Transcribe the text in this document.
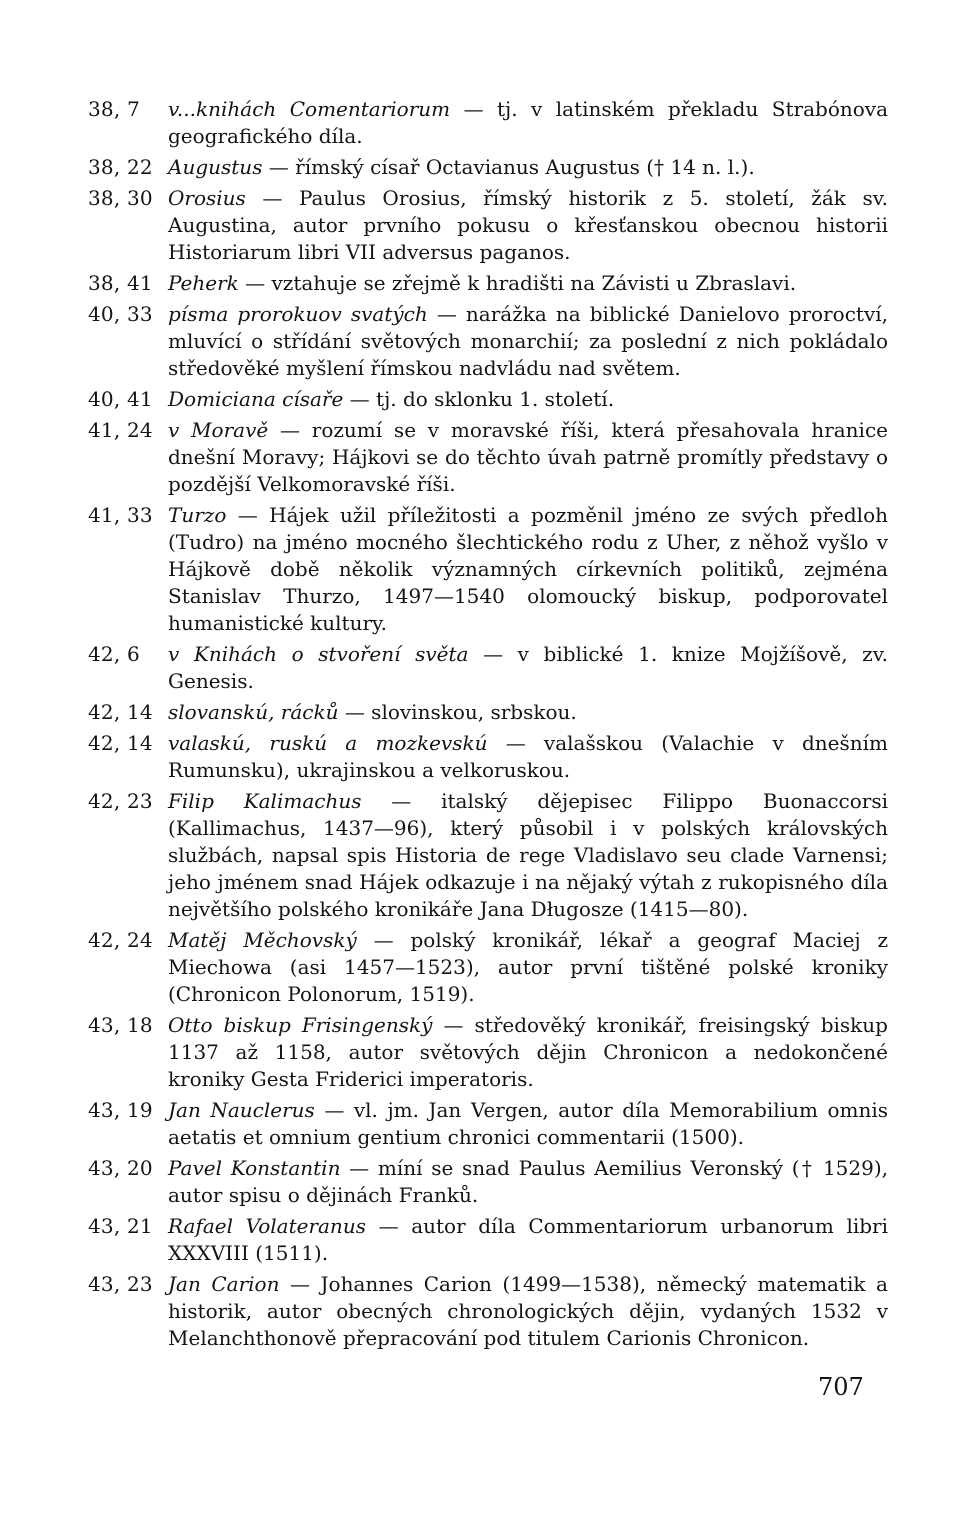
38, 7	v...knihách Comentariorum — tj. v latinském překladu Strabónova geografického díla.
38, 22 Augustus — římský císař Octavianus Augustus († 14 n. l.).
38, 30 Orosius — Paulus Orosius, římský historik z 5. století, žák sv. Augustina, autor prvního pokusu o křesťanskou obecnou historii Historiarum libri VII adversus paganos.
38, 41 Peherk — vztahuje se zřejmě k hradišti na Závisti u Zbraslavi.
40, 33 písma prorokuov svatých — narážka na biblické Danielovo proroctví, mluvící o střídání světových monarchií; za poslední z nich pokládalo středověké myšlení římskou nadvládu nad světem.
40, 41 Domiciana císaře — tj. do sklonku 1. století.
41, 24 v Moravě — rozumí se v moravské říši, která přesahovala hranice dnešní Moravy; Hájkovi se do těchto úvah patrně promítly představy o pozdější Velkomoravské říši.
41, 33 Turzo — Hájek užil příležitosti a pozměnil jméno ze svých předloh (Tudro) na jméno mocného šlechtického rodu z Uher, z něhož vyšlo v Hájkově době několik významných církevních politiků, zejména Stanislav Thurzo, 1497—1540 olomoucký biskup, podporovatel humanistické kultury.
42, 6	v Knihách o stvoření světa — v biblické 1. knize Mojžíšově, zv. Genesis.
42, 14 slovanskú, rácků — slovinskou, srbskou.
42, 14 valaskú, ruskú a mozkevskú — valašskou (Valachie v dnešním Rumunsku), ukrajinskou a velkoruskou.
42, 23 Filip Kalimachus — italský dějepisec Filippo Buonaccorsi (Kallimachus, 1437—96), který působil i v polských královských službách, napsal spis Historia de rege Vladislavo seu clade Varnensi; jeho jménem snad Hájek odkazuje i na nějaký výtah z rukopisného díla největšího polského kronikáře Jana Długosze (1415—80).
42, 24 Matěj Měchovský — polský kronikář, lékař a geograf Maciej z Miechowa (asi 1457—1523), autor první tištěné polské kroniky (Chronicon Polonorum, 1519).
43, 18 Otto biskup Frisingenský — středověký kronikář, freisingský biskup 1137 až 1158, autor světových dějin Chronicon a nedokončené kroniky Gesta Friderici imperatoris.
43, 19 Jan Nauclerus — vl. jm. Jan Vergen, autor díla Memorabilium omnis aetatis et omnium gentium chronici commentarii (1500).
43, 20 Pavel Konstantin — míní se snad Paulus Aemilius Veronský († 1529), autor spisu o dějinách Franků.
43, 21 Rafael Volateranus — autor díla Commentariorum urbanorum libri XXXVIII (1511).
43, 23 Jan Carion — Johannes Carion (1499—1538), německý matematik a historik, autor obecných chronologických dějin, vydaných 1532 v Melanchthonově přepracování pod titulem Carionis Chronicon.
707
